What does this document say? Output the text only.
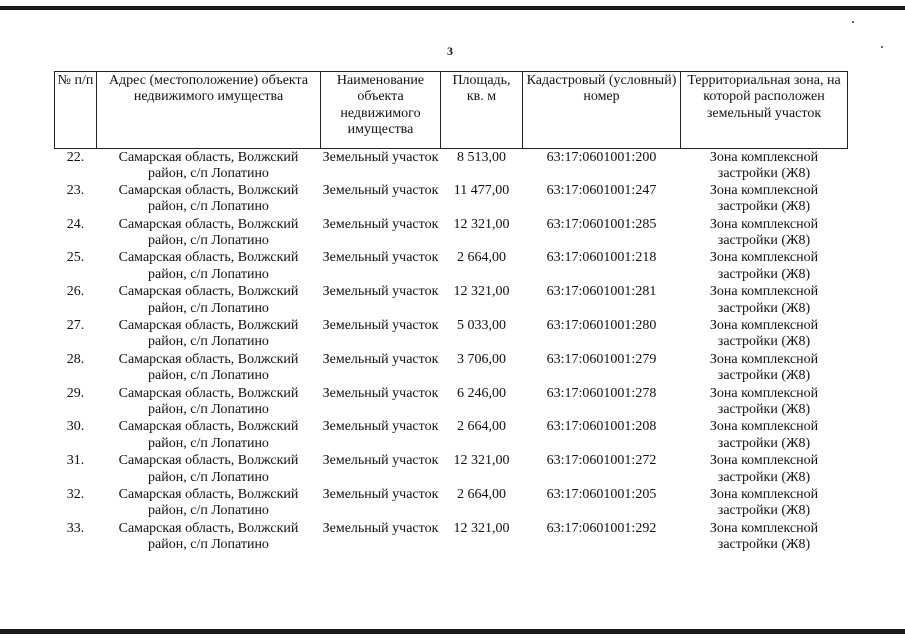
3
№ п/п	Адрес (местоположение) объекта недвижимого имущества	Наименование объекта недвижимого имущества	Площадь, кв. м	Кадастровый (условный) номер	Территориальная зона, на которой расположен земельный участок
22.	Самарская область, Волжский район, с/п Лопатино	Земельный участок	8 513,00	63:17:0601001:200	Зона комплексной застройки (Ж8)
23.	Самарская область, Волжский район, с/п Лопатино	Земельный участок	11 477,00	63:17:0601001:247	Зона комплексной застройки (Ж8)
24.	Самарская область, Волжский район, с/п Лопатино	Земельный участок	12 321,00	63:17:0601001:285	Зона комплексной застройки (Ж8)
25.	Самарская область, Волжский район, с/п Лопатино	Земельный участок	2 664,00	63:17:0601001:218	Зона комплексной застройки (Ж8)
26.	Самарская область, Волжский район, с/п Лопатино	Земельный участок	12 321,00	63:17:0601001:281	Зона комплексной застройки (Ж8)
27.	Самарская область, Волжский район, с/п Лопатино	Земельный участок	5 033,00	63:17:0601001:280	Зона комплексной застройки (Ж8)
28.	Самарская область, Волжский район, с/п Лопатино	Земельный участок	3 706,00	63:17:0601001:279	Зона комплексной застройки (Ж8)
29.	Самарская область, Волжский район, с/п Лопатино	Земельный участок	6 246,00	63:17:0601001:278	Зона комплексной застройки (Ж8)
30.	Самарская область, Волжский район, с/п Лопатино	Земельный участок	2 664,00	63:17:0601001:208	Зона комплексной застройки (Ж8)
31.	Самарская область, Волжский район, с/п Лопатино	Земельный участок	12 321,00	63:17:0601001:272	Зона комплексной застройки (Ж8)
32.	Самарская область, Волжский район, с/п Лопатино	Земельный участок	2 664,00	63:17:0601001:205	Зона комплексной застройки (Ж8)
33.	Самарская область, Волжский район, с/п Лопатино	Земельный участок	12 321,00	63:17:0601001:292	Зона комплексной застройки (Ж8)
